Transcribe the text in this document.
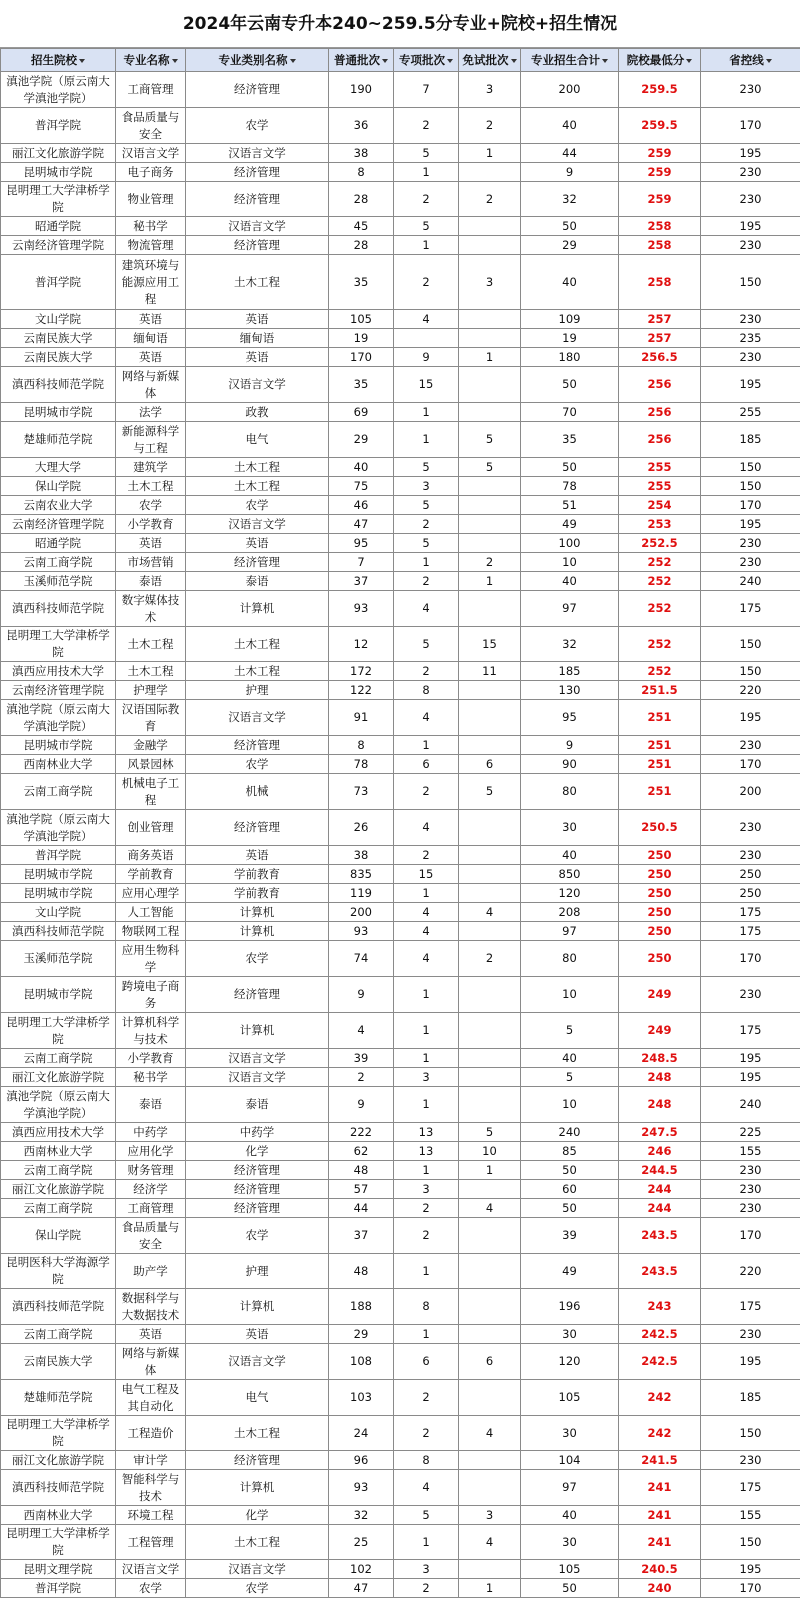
2024年云南专升本240~259.5分专业+院校+招生情况
招生院校	专业名称	专业类别名称	普通批次	专项批次	免试批次	专业招生合计	院校最低分	省控线
滇池学院（原云南大学滇池学院）	工商管理	经济管理	190	7	3	200	259.5	230
普洱学院	食品质量与安全	农学	36	2	2	40	259.5	170
丽江文化旅游学院	汉语言文学	汉语言文学	38	5	1	44	259	195
昆明城市学院	电子商务	经济管理	8	1		9	259	230
昆明理工大学津桥学院	物业管理	经济管理	28	2	2	32	259	230
昭通学院	秘书学	汉语言文学	45	5		50	258	195
云南经济管理学院	物流管理	经济管理	28	1		29	258	230
普洱学院	建筑环境与能源应用工程	土木工程	35	2	3	40	258	150
文山学院	英语	英语	105	4		109	257	230
云南民族大学	缅甸语	缅甸语	19			19	257	235
云南民族大学	英语	英语	170	9	1	180	256.5	230
滇西科技师范学院	网络与新媒体	汉语言文学	35	15		50	256	195
昆明城市学院	法学	政教	69	1		70	256	255
楚雄师范学院	新能源科学与工程	电气	29	1	5	35	256	185
大理大学	建筑学	土木工程	40	5	5	50	255	150
保山学院	土木工程	土木工程	75	3		78	255	150
云南农业大学	农学	农学	46	5		51	254	170
云南经济管理学院	小学教育	汉语言文学	47	2		49	253	195
昭通学院	英语	英语	95	5		100	252.5	230
云南工商学院	市场营销	经济管理	7	1	2	10	252	230
玉溪师范学院	泰语	泰语	37	2	1	40	252	240
滇西科技师范学院	数字媒体技术	计算机	93	4		97	252	175
昆明理工大学津桥学院	土木工程	土木工程	12	5	15	32	252	150
滇西应用技术大学	土木工程	土木工程	172	2	11	185	252	150
云南经济管理学院	护理学	护理	122	8		130	251.5	220
滇池学院（原云南大学滇池学院）	汉语国际教育	汉语言文学	91	4		95	251	195
昆明城市学院	金融学	经济管理	8	1		9	251	230
西南林业大学	风景园林	农学	78	6	6	90	251	170
云南工商学院	机械电子工程	机械	73	2	5	80	251	200
滇池学院（原云南大学滇池学院）	创业管理	经济管理	26	4		30	250.5	230
普洱学院	商务英语	英语	38	2		40	250	230
昆明城市学院	学前教育	学前教育	835	15		850	250	250
昆明城市学院	应用心理学	学前教育	119	1		120	250	250
文山学院	人工智能	计算机	200	4	4	208	250	175
滇西科技师范学院	物联网工程	计算机	93	4		97	250	175
玉溪师范学院	应用生物科学	农学	74	4	2	80	250	170
昆明城市学院	跨境电子商务	经济管理	9	1		10	249	230
昆明理工大学津桥学院	计算机科学与技术	计算机	4	1		5	249	175
云南工商学院	小学教育	汉语言文学	39	1		40	248.5	195
丽江文化旅游学院	秘书学	汉语言文学	2	3		5	248	195
滇池学院（原云南大学滇池学院）	泰语	泰语	9	1		10	248	240
滇西应用技术大学	中药学	中药学	222	13	5	240	247.5	225
西南林业大学	应用化学	化学	62	13	10	85	246	155
云南工商学院	财务管理	经济管理	48	1	1	50	244.5	230
丽江文化旅游学院	经济学	经济管理	57	3		60	244	230
云南工商学院	工商管理	经济管理	44	2	4	50	244	230
保山学院	食品质量与安全	农学	37	2		39	243.5	170
昆明医科大学海源学院	助产学	护理	48	1		49	243.5	220
滇西科技师范学院	数据科学与大数据技术	计算机	188	8		196	243	175
云南工商学院	英语	英语	29	1		30	242.5	230
云南民族大学	网络与新媒体	汉语言文学	108	6	6	120	242.5	195
楚雄师范学院	电气工程及其自动化	电气	103	2		105	242	185
昆明理工大学津桥学院	工程造价	土木工程	24	2	4	30	242	150
丽江文化旅游学院	审计学	经济管理	96	8		104	241.5	230
滇西科技师范学院	智能科学与技术	计算机	93	4		97	241	175
西南林业大学	环境工程	化学	32	5	3	40	241	155
昆明理工大学津桥学院	工程管理	土木工程	25	1	4	30	241	150
昆明文理学院	汉语言文学	汉语言文学	102	3		105	240.5	195
普洱学院	农学	农学	47	2	1	50	240	170
